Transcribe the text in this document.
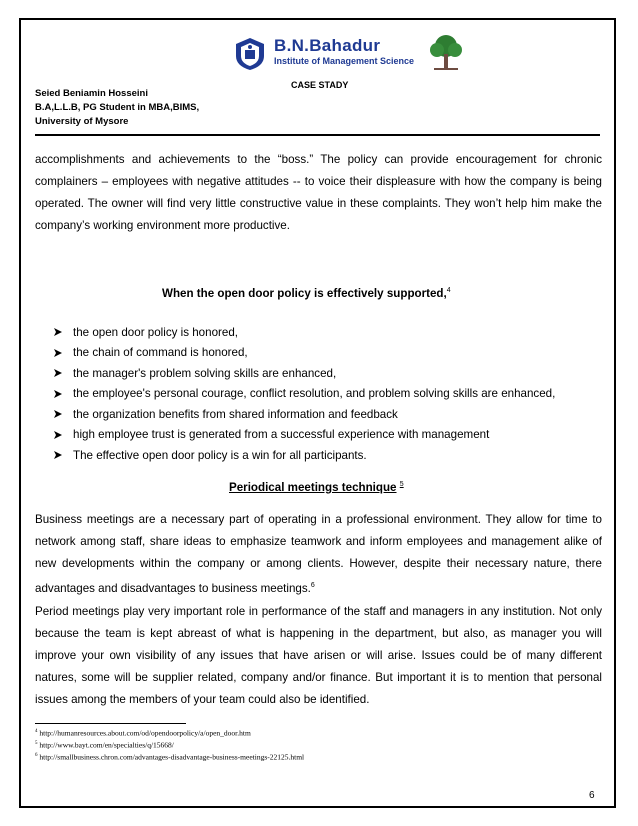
B.N.Bahadur
Institute of Management Science
CASE STADY
Seied Beniamin Hosseini
B.A,L.L.B, PG Student in MBA,BIMS,
University of Mysore
accomplishments and achievements to the “boss.” The policy can provide encouragement for chronic complainers – employees with negative attitudes -- to voice their displeasure with how the company is being operated. The owner will find very little constructive value in these complaints. They won’t help him make the company’s working environment more productive.
When the open door policy is effectively supported,$^4$
the open door policy is honored,
the chain of command is honored,
the manager's problem solving skills are enhanced,
the employee's personal courage, conflict resolution, and problem solving skills are enhanced,
the organization benefits from shared information and feedback
high employee trust is generated from a successful experience with management
The effective open door policy is a win for all participants.
Periodical meetings technique $^5$
Business meetings are a necessary part of operating in a professional environment. They allow for time to network among staff, share ideas to emphasize teamwork and inform employees and management alike of new developments within the company or among clients. However, despite their necessary nature, there advantages and disadvantages to business meetings.$^6$
Period meetings play very important role in performance of the staff and managers in any institution. Not only because the team is kept abreast of what is happening in the department, but also, as manager you will improve your own visibility of any issues that have arisen or will arise. Issues could be of many different natures, some will be supplier related, company and/or finance. But important it is to mention that personal issues among the members of your team could also be identified.
$^4$ http://humanresources.about.com/od/opendoorpolicy/a/open_door.htm
$^5$ http://www.bayt.com/en/specialties/q/15668/
$^6$ http://smallbusiness.chron.com/advantages-disadvantage-business-meetings-22125.html
6
